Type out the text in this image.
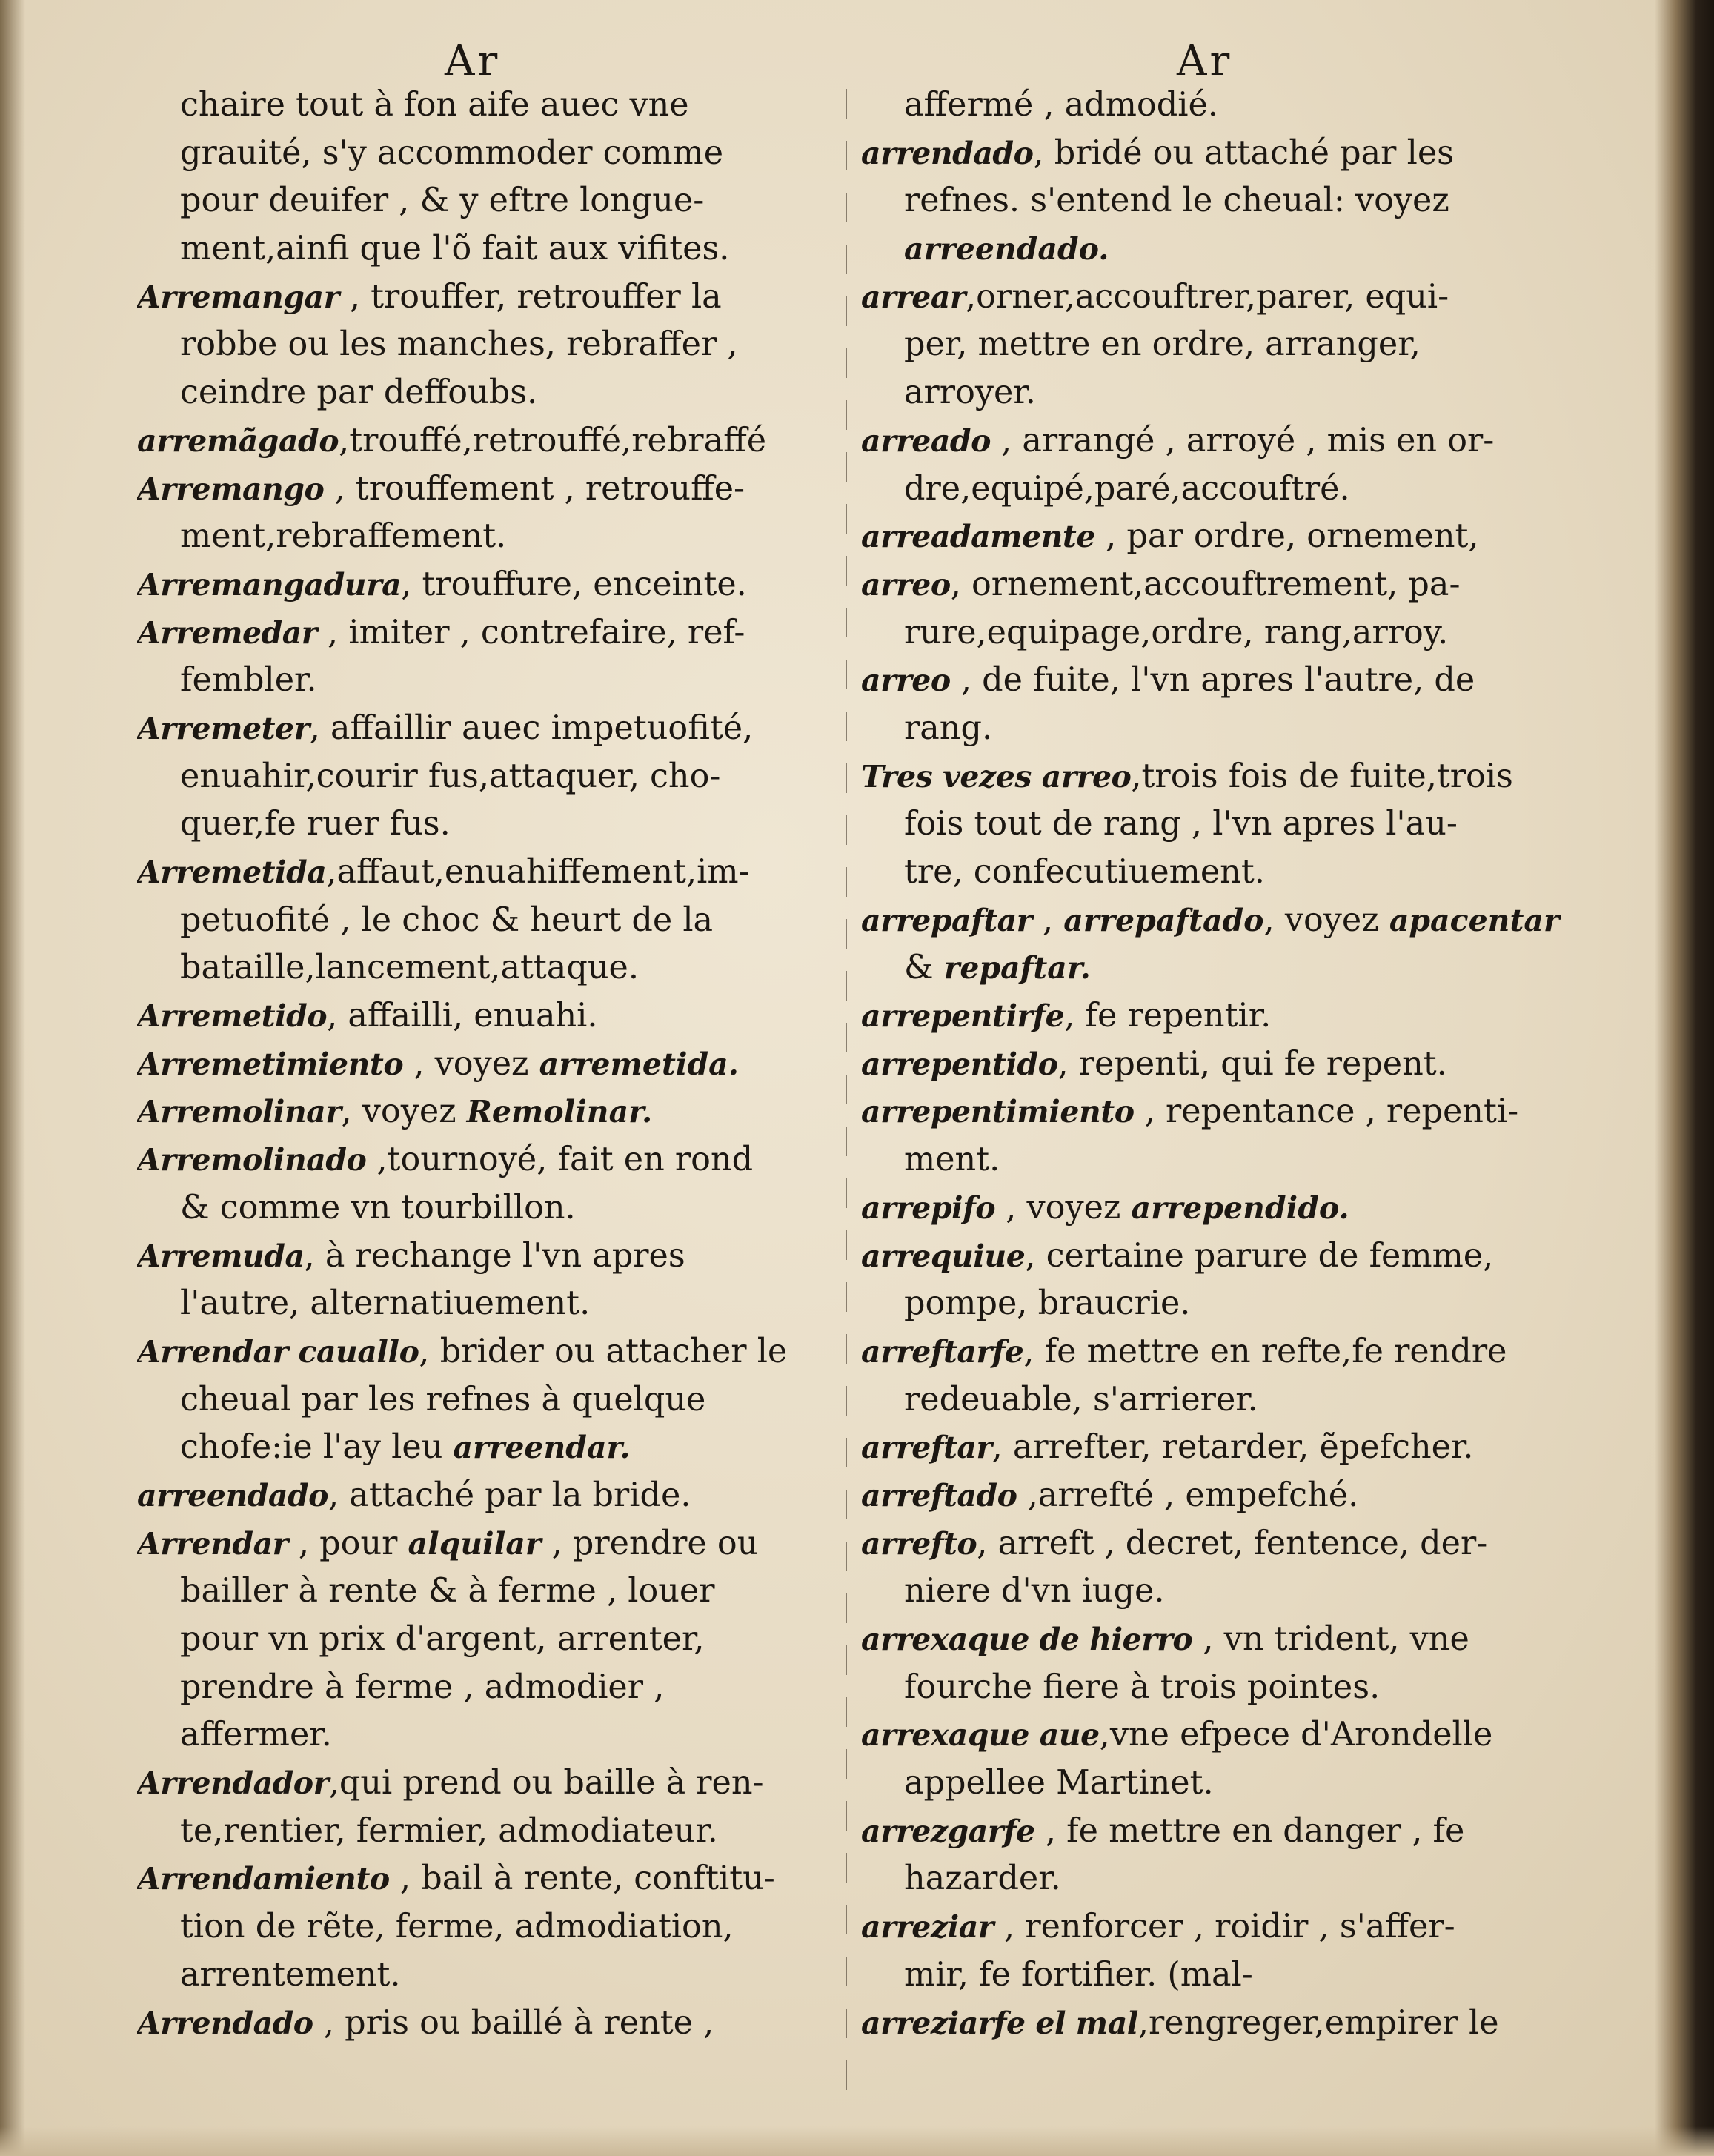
Ar	Ar
chaire tout à fon aife auec vne
grauité, s'y accommoder comme
pour deuifer , & y eftre longue-
ment,ainfi que l'õ fait aux vifites.
Arremangar , trouffer, retrouffer la
robbe ou les manches, rebraffer ,
ceindre par deffoubs.
arremãgado,trouffé,retrouffé,rebraffé
Arremango , trouffement , retrouffe-
ment,rebraffement.
Arremangadura, trouffure, enceinte.
Arremedar , imiter , contrefaire, ref-
fembler.
Arremeter, affaillir auec impetuofité,
enuahir,courir fus,attaquer, cho-
quer,fe ruer fus.
Arremetida,affaut,enuahiffement,im-
petuofité , le choc & heurt de la
bataille,lancement,attaque.
Arremetido, affailli, enuahi.
Arremetimiento , voyez arremetida.
Arremolinar, voyez Remolinar.
Arremolinado ,tournoyé, fait en rond
& comme vn tourbillon.
Arremuda, à rechange l'vn apres
l'autre, alternatiuement.
Arrendar cauallo, brider ou attacher le
cheual par les refnes à quelque
chofe:ie l'ay leu arreendar.
arreendado, attaché par la bride.
Arrendar , pour alquilar , prendre ou
bailler à rente & à ferme , louer
pour vn prix d'argent, arrenter,
prendre à ferme , admodier ,
affermer.
Arrendador,qui prend ou baille à ren-
te,rentier, fermier, admodiateur.
Arrendamiento , bail à rente, conftitu-
tion de rẽte, ferme, admodiation,
arrentement.
Arrendado , pris ou baillé à rente ,
affermé , admodié.
arrendado, bridé ou attaché par les
refnes. s'entend le cheual: voyez
arreendado.
arrear,orner,accouftrer,parer, equi-
per, mettre en ordre, arranger,
arroyer.
arreado , arrangé , arroyé , mis en or-
dre,equipé,paré,accouftré.
arreadamente , par ordre, ornement,
arreo, ornement,accouftrement, pa-
rure,equipage,ordre, rang,arroy.
arreo , de fuite, l'vn apres l'autre, de
rang.
Tres vezes arreo,trois fois de fuite,trois
fois tout de rang , l'vn apres l'au-
tre, confecutiuement.
arrepaftar , arrepaftado, voyez apacentar
& repaftar.
arrepentirfe, fe repentir.
arrepentido, repenti, qui fe repent.
arrepentimiento , repentance , repenti-
ment.
arrepifo , voyez arrependido.
arrequiue, certaine parure de femme,
pompe, braucrie.
arreftarfe, fe mettre en refte,fe rendre
redeuable, s'arrierer.
arreftar, arrefter, retarder, ẽpefcher.
arreftado ,arrefté , empefché.
arrefto, arreft , decret, fentence, der-
niere d'vn iuge.
arrexaque de hierro , vn trident, vne
fourche fiere à trois pointes.
arrexaque aue,vne efpece d'Arondelle
appellee Martinet.
arrezgarfe , fe mettre en danger , fe
hazarder.
arreziar , renforcer , roidir , s'affer-
mir, fe fortifier. (mal-
arreziarfe el mal,rengreger,empirer le
